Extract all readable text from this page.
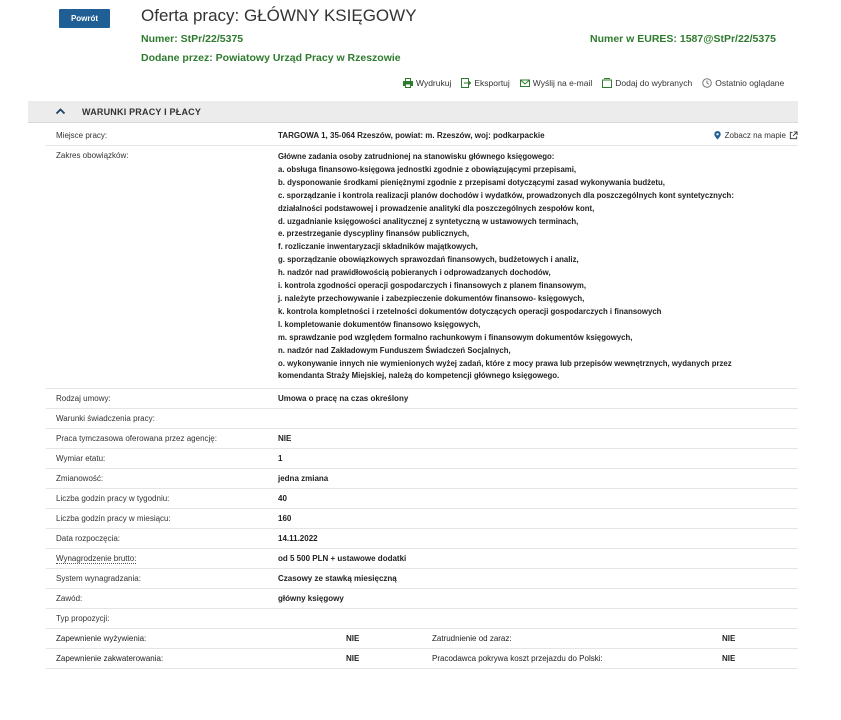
Powrót	Oferta pracy: GŁÓWNY KSIĘGOWY
Numer: StPr/22/5375	Numer w EURES: 1587@StPr/22/5375
Dodane przez: Powiatowy Urząd Pracy w Rzeszowie
Wydrukuj	Eksportuj	Wyślij na e-mail	Dodaj do wybranych	Ostatnio oglądane
WARUNKI PRACY I PŁACY
Miejsce pracy:	TARGOWA 1, 35-064 Rzeszów, powiat: m. Rzeszów, woj: podkarpackie	Zobacz na mapie
Zakres obowiązków:	Główne zadania osoby zatrudnionej na stanowisku głównego księgowego:
a. obsługa finansowo-księgowa jednostki zgodnie z obowiązującymi przepisami,
b. dysponowanie środkami pieniężnymi zgodnie z przepisami dotyczącymi zasad wykonywania budżetu,
c. sporządzanie i kontrola realizacji planów dochodów i wydatków, prowadzonych dla poszczególnych kont syntetycznych:
działalności podstawowej i prowadzenie analityki dla poszczególnych zespołów kont,
d. uzgadnianie księgowości analitycznej z syntetyczną w ustawowych terminach,
e. przestrzeganie dyscypliny finansów publicznych,
f. rozliczanie inwentaryzacji składników majątkowych,
g. sporządzanie obowiązkowych sprawozdań finansowych, budżetowych i analiz,
h. nadzór nad prawidłowością pobieranych i odprowadzanych dochodów,
i. kontrola zgodności operacji gospodarczych i finansowych z planem finansowym,
j. należyte przechowywanie i zabezpieczenie dokumentów finansowo- księgowych,
k. kontrola kompletności i rzetelności dokumentów dotyczących operacji gospodarczych i finansowych
l. kompletowanie dokumentów finansowo księgowych,
m. sprawdzanie pod względem formalno rachunkowym i finansowym dokumentów księgowych,
n. nadzór nad Zakładowym Funduszem Świadczeń Socjalnych,
o. wykonywanie innych nie wymienionych wyżej zadań, które z mocy prawa lub przepisów wewnętrznych, wydanych przez
komendanta Straży Miejskiej, należą do kompetencji głównego księgowego.
Rodzaj umowy:	Umowa o pracę na czas określony
Warunki świadczenia pracy:
Praca tymczasowa oferowana przez agencję:	NIE
Wymiar etatu:	1
Zmianowość:	jedna zmiana
Liczba godzin pracy w tygodniu:	40
Liczba godzin pracy w miesiącu:	160
Data rozpoczęcia:	14.11.2022
Wynagrodzenie brutto:	od 5 500 PLN + ustawowe dodatki
System wynagradzania:	Czasowy ze stawką miesięczną
Zawód:	główny księgowy
Typ propozycji:
Zapewnienie wyżywienia:	NIE	Zatrudnienie od zaraz:	NIE
Zapewnienie zakwaterowania:	NIE	Pracodawca pokrywa koszt przejazdu do Polski:	NIE
